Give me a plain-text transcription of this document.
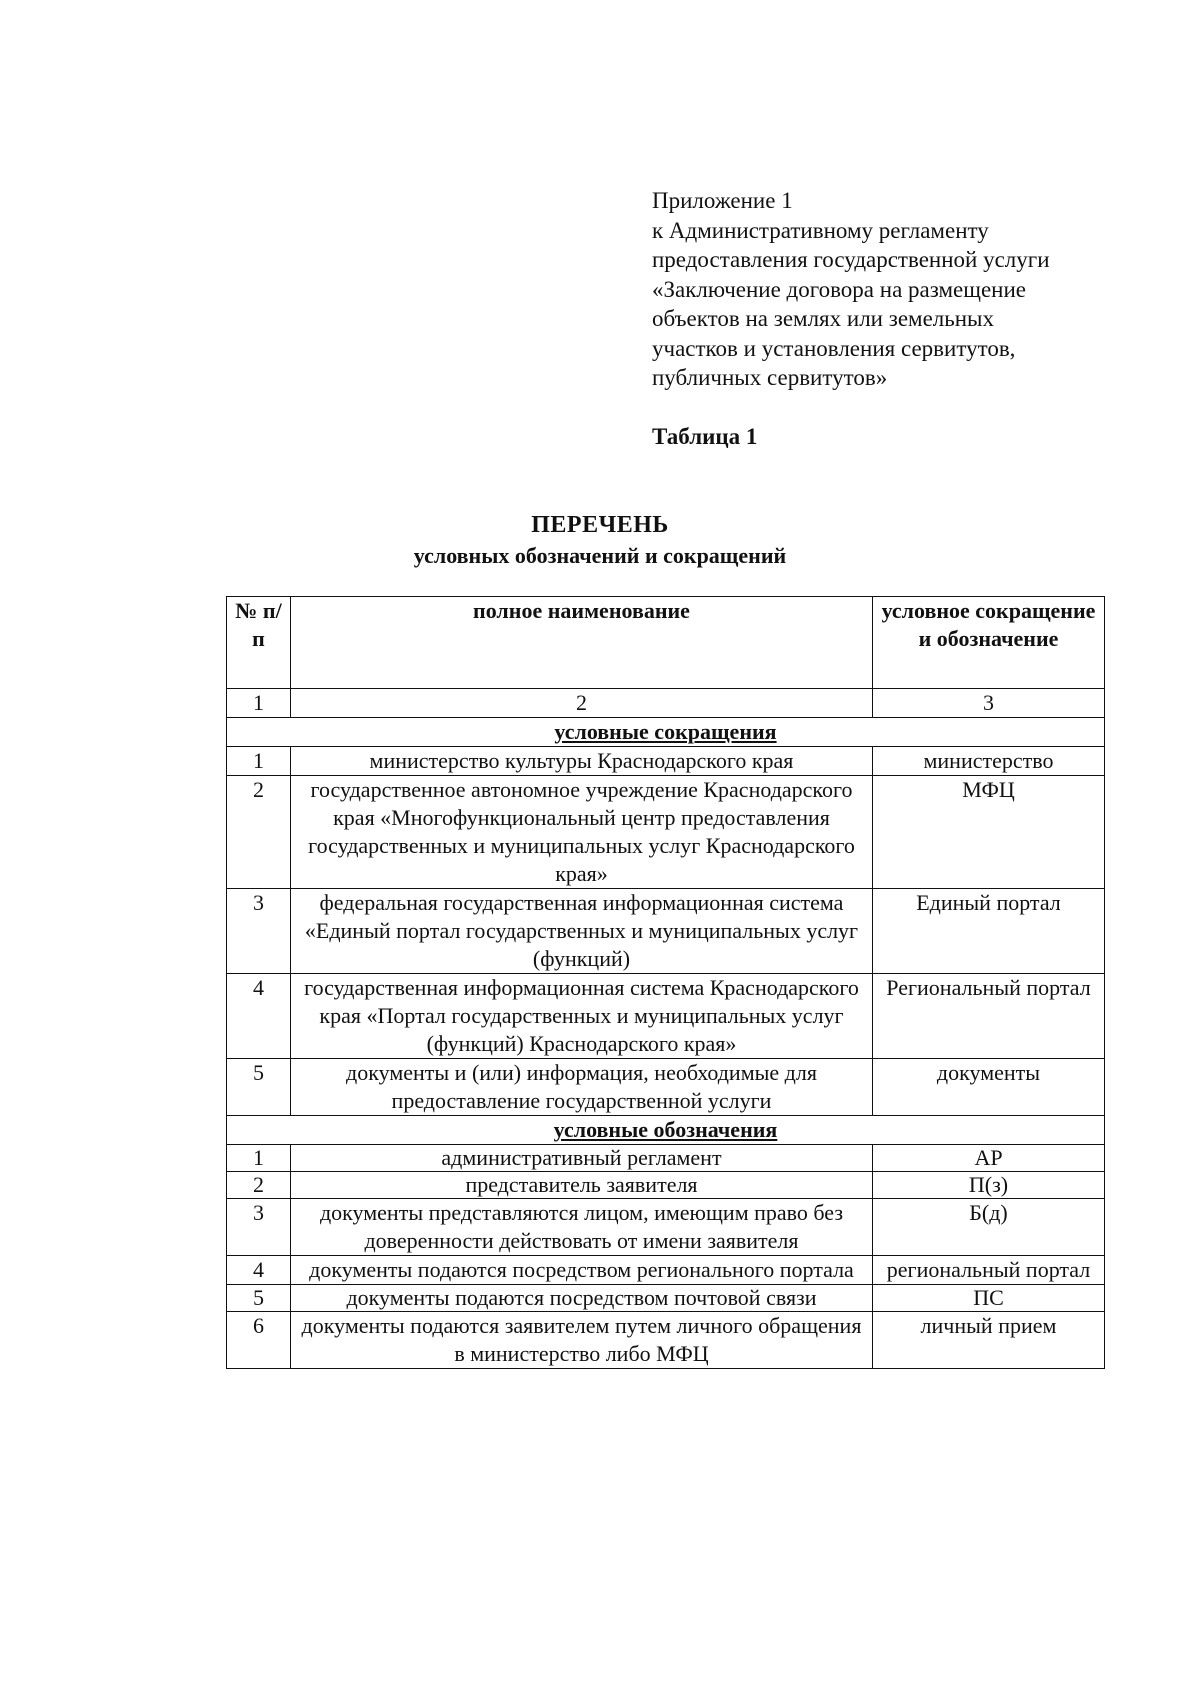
Приложение 1
к Административному регламенту
предоставления государственной услуги
«Заключение договора на размещение
объектов на землях или земельных
участков и установления сервитутов,
публичных сервитутов»
Таблица 1
ПЕРЕЧЕНЬ
условных обозначений и сокращений
№ п/п	полное наименование	условное сокращение и обозначение
1	2	3
условные сокращения		
1	министерство культуры Краснодарского края	министерство
2	государственное автономное учреждение Краснодарского края «Многофункциональный центр предоставления государственных и муниципальных услуг Краснодарского края»	МФЦ
3	федеральная государственная информационная система «Единый портал государственных и муниципальных услуг (функций)	Единый портал
4	государственная информационная система Краснодарского края «Портал государственных и муниципальных услуг (функций) Краснодарского края»	Региональный портал
5	документы и (или) информация, необходимые для предоставление государственной услуги	документы
условные обозначения		
1	административный регламент	АР
2	представитель заявителя	П(з)
3	документы представляются лицом, имеющим право без доверенности действовать от имени заявителя	Б(д)
4	документы подаются посредством регионального портала	региональный портал
5	документы подаются посредством почтовой связи	ПС
6	документы подаются заявителем путем личного обращения в министерство либо МФЦ	личный прием
